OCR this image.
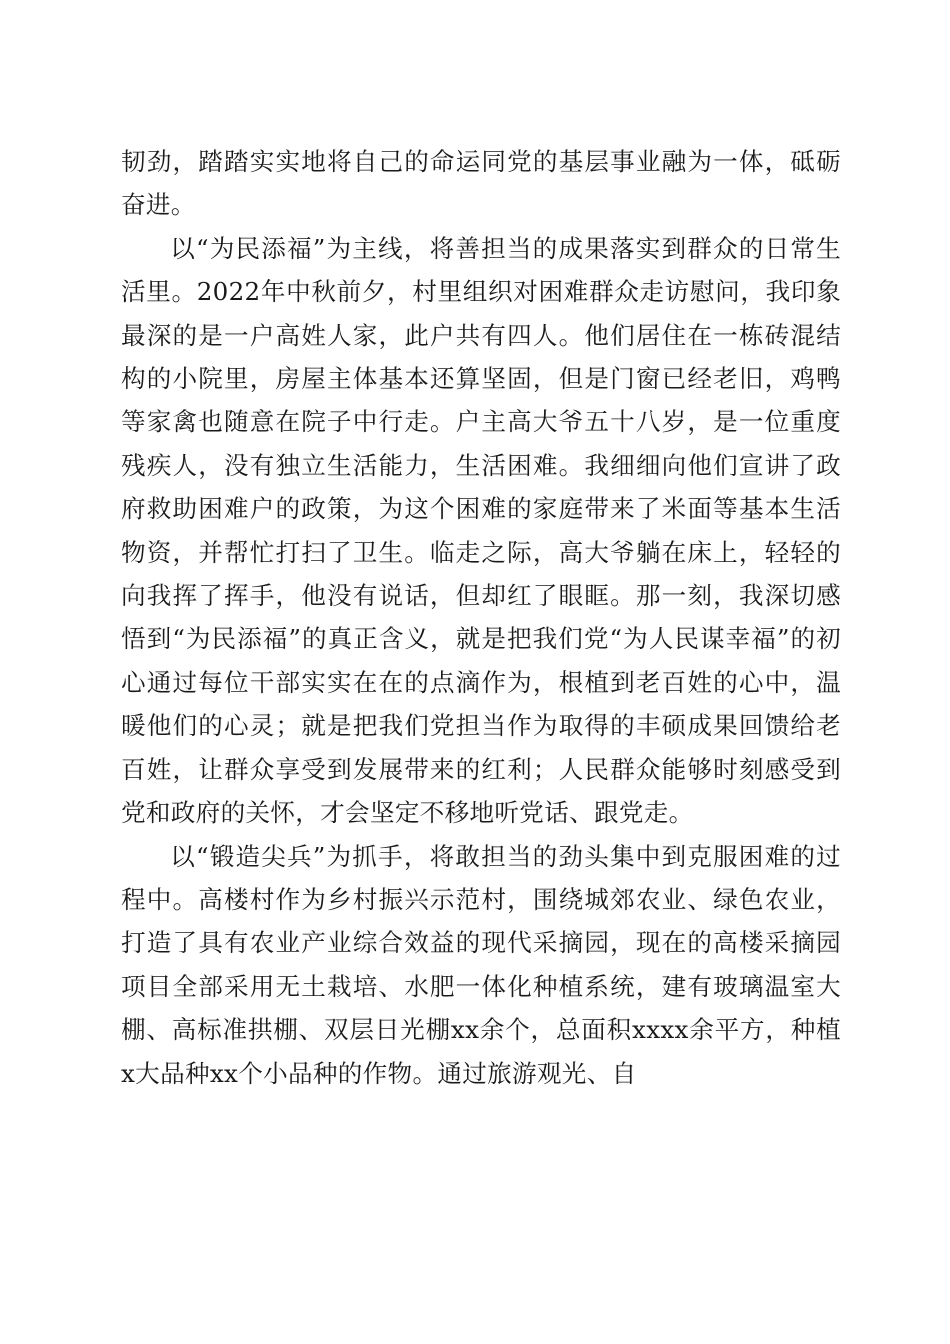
韧劲，踏踏实实地将自己的命运同党的基层事业融为一体，砥砺奋进。

以“为民添福”为主线，将善担当的成果落实到群众的日常生活里。2022年中秋前夕，村里组织对困难群众走访慰问，我印象最深的是一户高姓人家，此户共有四人。他们居住在一栋砖混结构的小院里，房屋主体基本还算坚固，但是门窗已经老旧，鸡鸭等家禽也随意在院子中行走。户主高大爷五十八岁，是一位重度残疾人，没有独立生活能力，生活困难。我细细向他们宣讲了政府救助困难户的政策，为这个困难的家庭带来了米面等基本生活物资，并帮忙打扫了卫生。临走之际，高大爷躺在床上，轻轻的向我挥了挥手，他没有说话，但却红了眼眶。那一刻，我深切感悟到“为民添福”的真正含义，就是把我们党“为人民谋幸福”的初心通过每位干部实实在在的点滴作为，根植到老百姓的心中，温暖他们的心灵；就是把我们党担当作为取得的丰硕成果回馈给老百姓，让群众享受到发展带来的红利；人民群众能够时刻感受到党和政府的关怀，才会坚定不移地听党话、跟党走。

以“锻造尖兵”为抓手，将敢担当的劲头集中到克服困难的过程中。高楼村作为乡村振兴示范村，围绕城郊农业、绿色农业，打造了具有农业产业综合效益的现代采摘园，现在的高楼采摘园项目全部采用无土栽培、水肥一体化种植系统，建有玻璃温室大棚、高标准拱棚、双层日光棚xx余个，总面积xxxx余平方，种植x大品种xx个小品种的作物。通过旅游观光、自
